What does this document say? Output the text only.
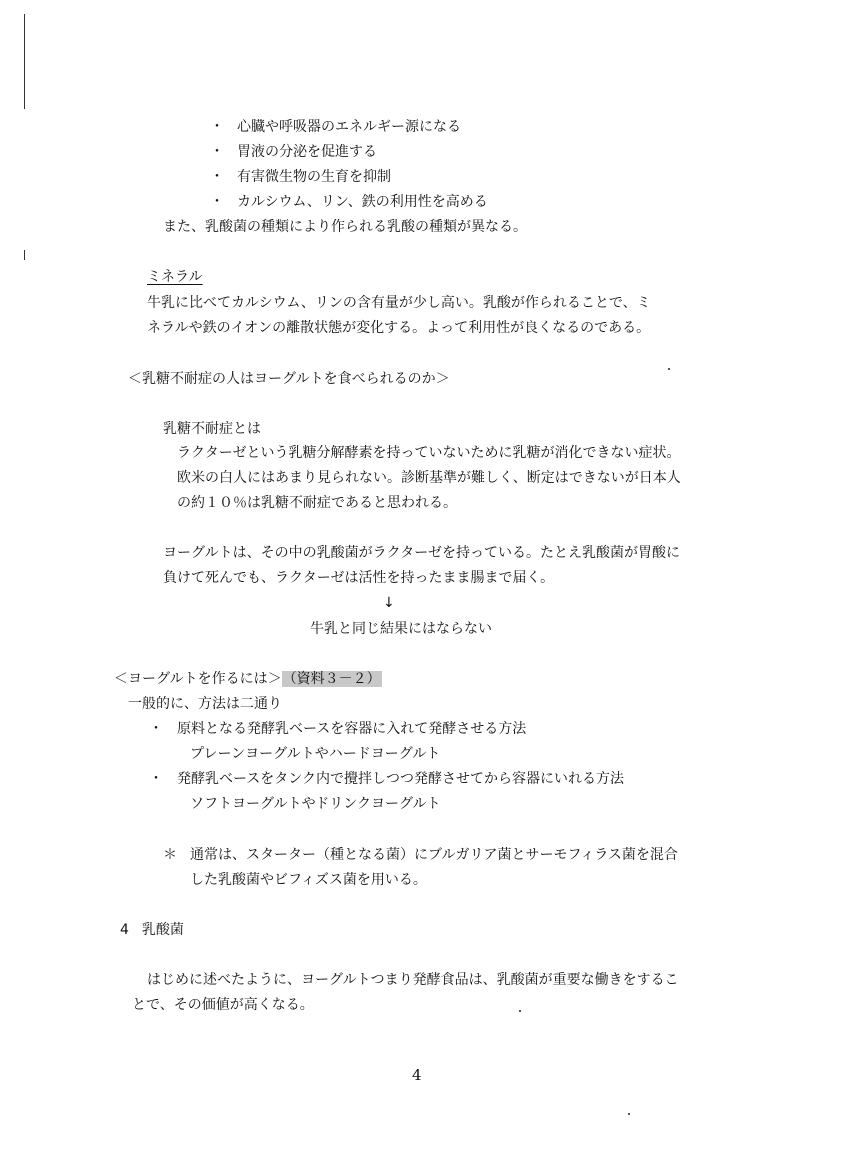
・ 心臓や呼吸器のエネルギー源になる
・ 胃液の分泌を促進する
・ 有害微生物の生育を抑制
・ カルシウム、リン、鉄の利用性を高める
また、乳酸菌の種類により作られる乳酸の種類が異なる。
ミネラル
牛乳に比べてカルシウム、リンの含有量が少し高い。乳酸が作られることで、ミ
ネラルや鉄のイオンの離散状態が変化する。よって利用性が良くなるのである。
＜乳糖不耐症の人はヨーグルトを食べられるのか＞
乳糖不耐症とは
ラクターゼという乳糖分解酵素を持っていないために乳糖が消化できない症状。
欧米の白人にはあまり見られない。診断基準が難しく、断定はできないが日本人
の約１０％は乳糖不耐症であると思われる。
ヨーグルトは、その中の乳酸菌がラクターゼを持っている。たとえ乳酸菌が胃酸に
負けて死んでも、ラクターゼは活性を持ったまま腸まで届く。
↓
牛乳と同じ結果にはならない
＜ヨーグルトを作るには＞（資料３－２）
一般的に、方法は二通り
・ 原料となる発酵乳ベースを容器に入れて発酵させる方法
プレーンヨーグルトやハードヨーグルト
・ 発酵乳ベースをタンク内で攪拌しつつ発酵させてから容器にいれる方法
ソフトヨーグルトやドリンクヨーグルト
＊ 通常は、スターター（種となる菌）にブルガリア菌とサーモフィラス菌を混合
した乳酸菌やビフィズス菌を用いる。
4 乳酸菌
はじめに述べたように、ヨーグルトつまり発酵食品は、乳酸菌が重要な働きをするこ
とで、その価値が高くなる。
4
